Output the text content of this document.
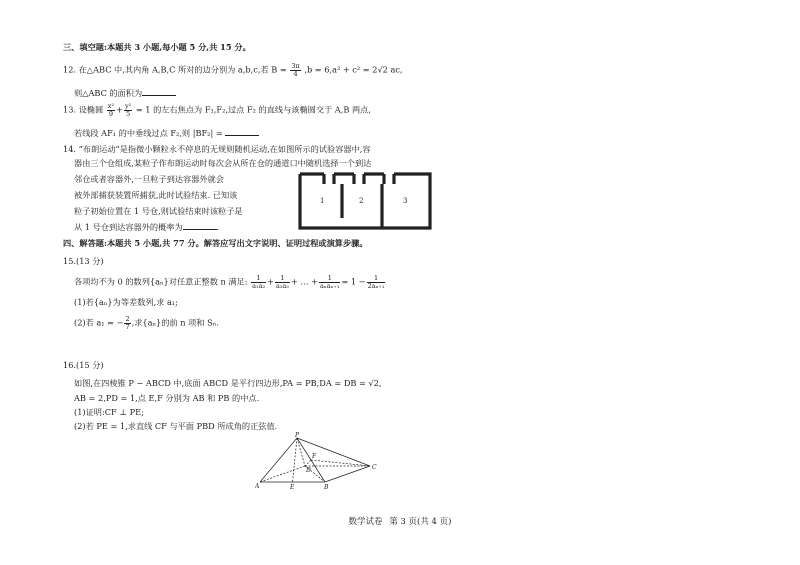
三、填空题:本题共 3 小题,每小题 5 分,共 15 分。
12. 在△ABC 中,其内角 A,B,C 所对的边分别为 a,b,c,若 $B = \frac{3\pi}{4} ,b = 6,a^2 + c^2 = 2√2$ ac,
则△ABC 的面积为
13. 设椭圆 $\frac{\text{x²}}{9} + \frac{\text{y²}}{5} = 1$ 的左右焦点为 F₁,F₂,过点 F₂ 的直线与该椭圆交于 A,B 两点,
若线段 AF₁ 的中垂线过点 F₂,则 |BF₂| =
14. “布朗运动”是指微小颗粒永不停息的无规则随机运动,在如图所示的试验容器中,容
器由三个仓组成,某粒子作布朗运动时每次会从所在仓的通道口中随机选择一个到达
邻仓或者容器外,一旦粒子到达容器外就会
被外部捕获装置所捕获,此时试验结束. 已知该
粒子初始位置在 1 号仓,则试验结束时该粒子是
从 1 号仓到达容器外的概率为	.
1	2	3
四、解答题:本题共 5 小题,共 77 分。解答应写出文字说明、证明过程或演算步骤。
15.(13 分)
各项均不为 0 的数列{aₙ}对任意正整数 n 满足: $\frac{1}{\text{a₁a₂}} + \frac{1}{\text{a₂a₃}}$ + … + $\frac{1}{\text{aₙaₙ₊₁}} = 1 - \frac{1}{\text{2aₙ₊₁}}$
(1)若{aₙ}为等差数列,求 a₁;
(2)若 a₁ = − $\frac{2}{7}$ ,求{aₙ}的前 n 项和 Sₙ.
16.(15 分)
如图,在四棱锥 P − ABCD 中,底面 ABCD 是平行四边形,PA = PB,DA = DB = √2,
AB = 2,PD = 1,点 E,F 分别为 AB 和 PB 的中点.
(1)证明:CF ⊥ PE;
(2)若 PE = 1,求直线 CF 与平面 PBD 所成角的正弦值.
P
A	B
C
D
E
F
数学试卷 第 3 页(共 4 页)
